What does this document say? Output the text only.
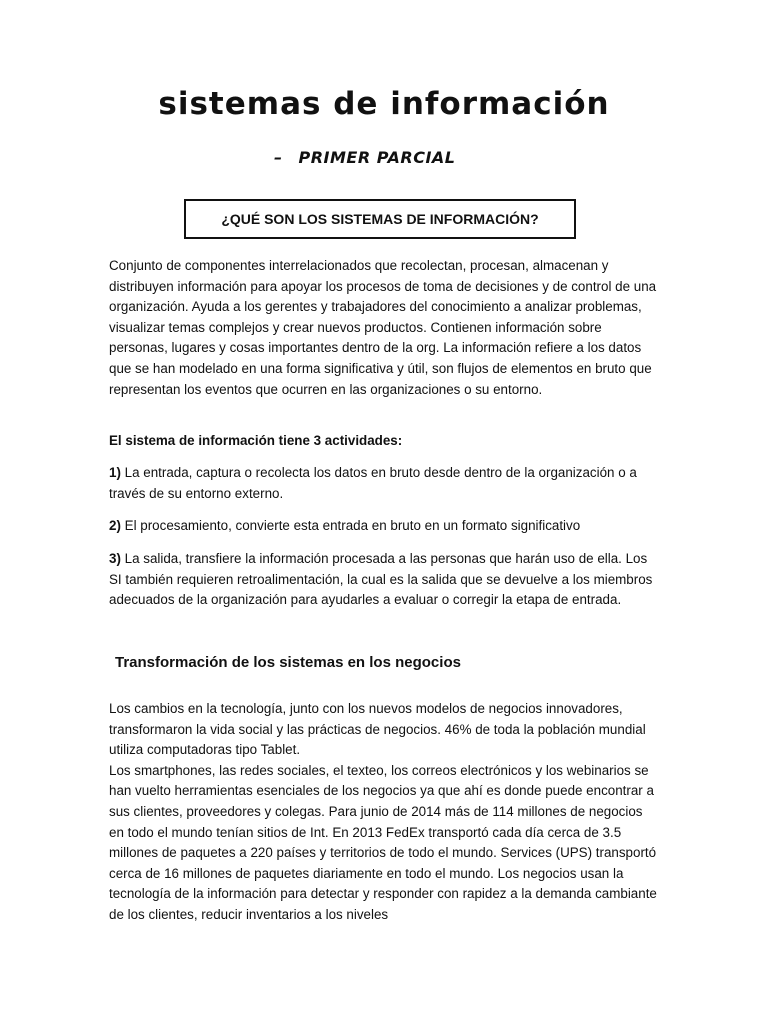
sistemas de información
– PRIMER PARCIAL
¿QUÉ SON LOS SISTEMAS DE INFORMACIÓN?

Conjunto de componentes interrelacionados que recolectan, procesan, almacenan y distribuyen información para apoyar los procesos de toma de decisiones y de control de una organización. Ayuda a los gerentes y trabajadores del conocimiento a analizar problemas, visualizar temas complejos y crear nuevos productos. Contienen información sobre personas, lugares y cosas importantes dentro de la org. La información refiere a los datos que se han modelado en una forma significativa y útil, son flujos de elementos en bruto que representan los eventos que ocurren en las organizaciones o su entorno.

El sistema de información tiene 3 actividades:

1) La entrada, captura o recolecta los datos en bruto desde dentro de la organización o a través de su entorno externo.

2) El procesamiento, convierte esta entrada en bruto en un formato significativo

3) La salida, transfiere la información procesada a las personas que harán uso de ella. Los SI también requieren retroalimentación, la cual es la salida que se devuelve a los miembros adecuados de la organización para ayudarles a evaluar o corregir la etapa de entrada.

Transformación de los sistemas en los negocios

Los cambios en la tecnología, junto con los nuevos modelos de negocios innovadores, transformaron la vida social y las prácticas de negocios. 46% de toda la población mundial utiliza computadoras tipo Tablet.
Los smartphones, las redes sociales, el texteo, los correos electrónicos y los webinarios se han vuelto herramientas esenciales de los negocios ya que ahí es donde puede encontrar a sus clientes, proveedores y colegas. Para junio de 2014 más de 114 millones de negocios en todo el mundo tenían sitios de Int. En 2013 FedEx transportó cada día cerca de 3.5 millones de paquetes a 220 países y territorios de todo el mundo. Services (UPS) transportó cerca de 16 millones de paquetes diariamente en todo el mundo. Los negocios usan la tecnología de la información para detectar y responder con rapidez a la demanda cambiante de los clientes, reducir inventarios a los niveles
